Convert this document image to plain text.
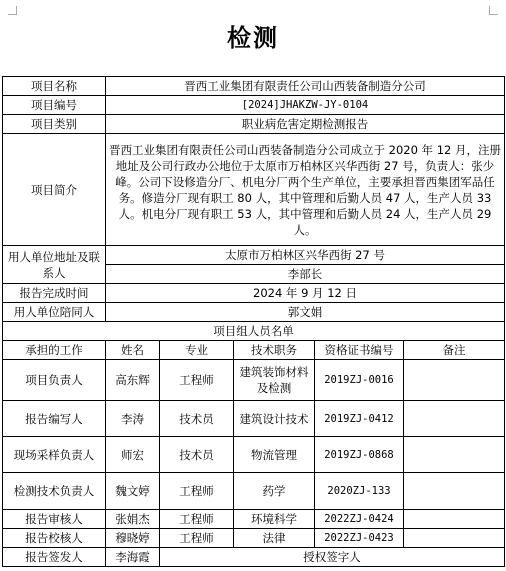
检测
项目名称	晋西工业集团有限责任公司山西装备制造分公司				
项目编号	[2024]JHAKZW-JY-0104				
项目类别	职业病危害定期检测报告				
项目简介	晋西工业集团有限责任公司山西装备制造分公司成立于 2020 年 12 月，注册地址及公司行政办公地位于太原市万柏林区兴华西街 27 号，负责人：张少峰。公司下设修造分厂、机电分厂两个生产单位，主要承担晋西集团军品任务。修造分厂现有职工 80 人，其中管理和后勤人员 47 人，生产人员 33 人。机电分厂现有职工 53 人，其中管理和后勤人员 24 人，生产人员 29 人。				
用人单位地址及联系人	太原市万柏林区兴华西街 27 号				
	李部长				
报告完成时间	2024 年 9 月 12 日				
用人单位陪同人	郭文娟				
项目组人员名单					
承担的工作	姓名	专业	技术职务	资格证书编号	备注
项目负责人	高东辉	工程师	建筑装饰材料及检测	2019ZJ-0016	
报告编写人	李涛	技术员	建筑设计技术	2019ZJ-0412	
现场采样负责人	师宏	技术员	物流管理	2019ZJ-0868	
检测技术负责人	魏文婷	工程师	药学	2020ZJ-133	
报告审核人	张娟杰	工程师	环境科学	2022ZJ-0424	
报告校核人	穆晓婷	工程师	法律	2022ZJ-0423	
报告签发人	李海霞	授权签字人			
